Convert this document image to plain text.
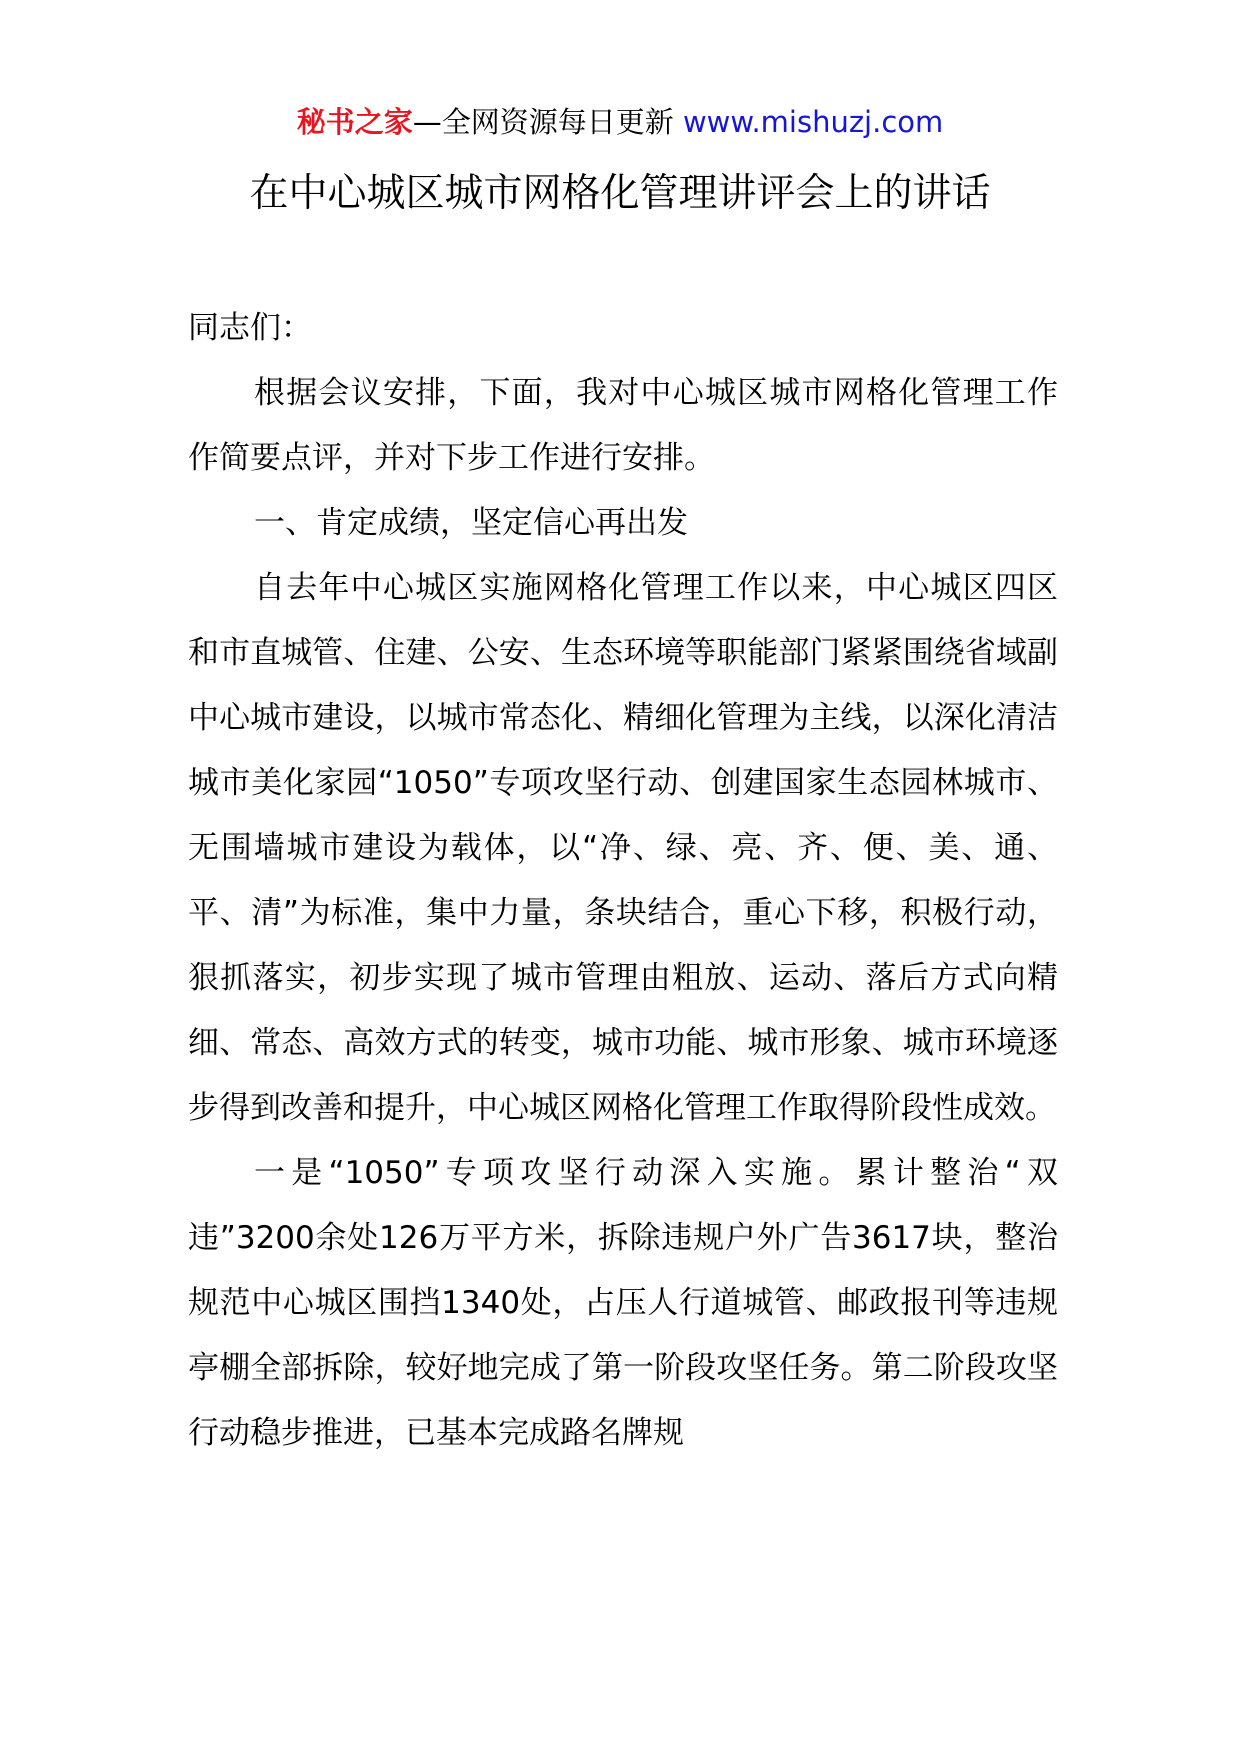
秘书之家—全网资源每日更新 www.mishuzj.com
在中心城区城市网格化管理讲评会上的讲话

同志们：

根据会议安排，下面，我对中心城区城市网格化管理工作作简要点评，并对下步工作进行安排。

一、肯定成绩，坚定信心再出发

自去年中心城区实施网格化管理工作以来，中心城区四区和市直城管、住建、公安、生态环境等职能部门紧紧围绕省域副中心城市建设，以城市常态化、精细化管理为主线，以深化清洁城市美化家园“1050”专项攻坚行动、创建国家生态园林城市、无围墙城市建设为载体，以“净、绿、亮、齐、便、美、通、平、清”为标准，集中力量，条块结合，重心下移，积极行动，狠抓落实，初步实现了城市管理由粗放、运动、落后方式向精细、常态、高效方式的转变，城市功能、城市形象、城市环境逐步得到改善和提升，中心城区网格化管理工作取得阶段性成效。

一是“1050”专项攻坚行动深入实施。累计整治“双违”3200余处126万平方米，拆除违规户外广告3617块，整治规范中心城区围挡1340处，占压人行道城管、邮政报刊等违规亭棚全部拆除，较好地完成了第一阶段攻坚任务。第二阶段攻坚行动稳步推进，已基本完成路名牌规
